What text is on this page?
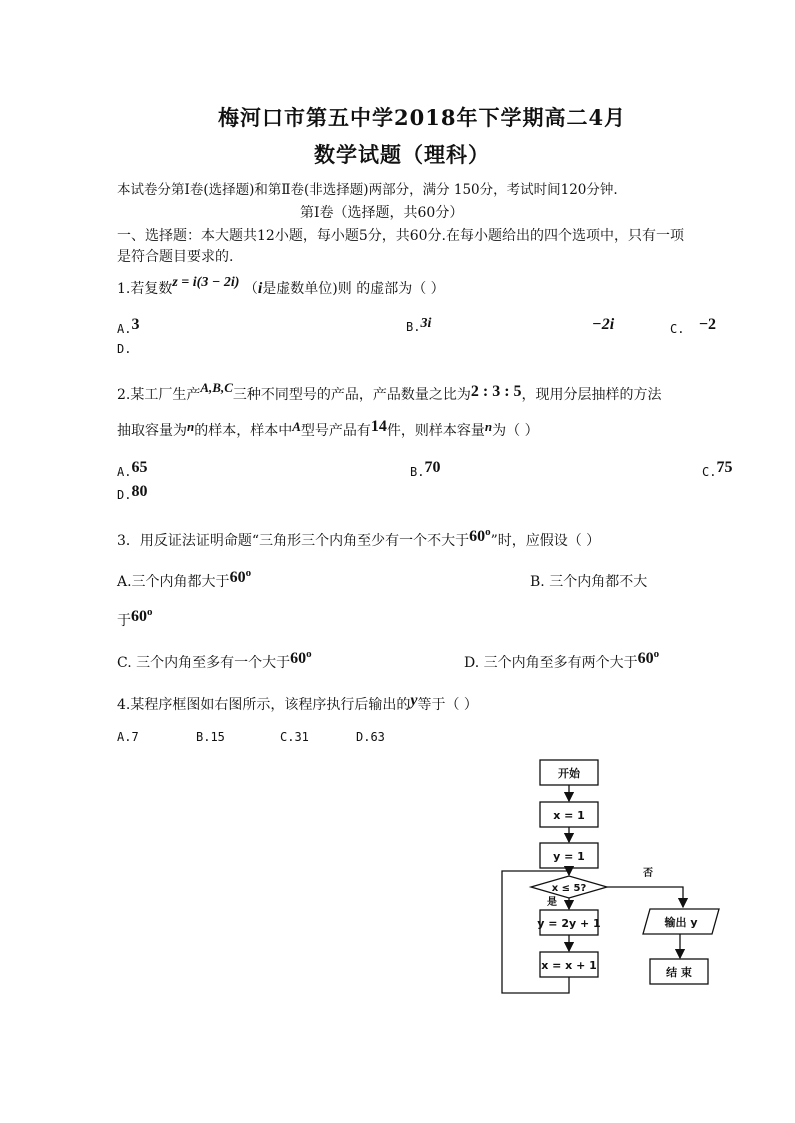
梅河口市第五中学2018年下学期高二4月
数学试题（理科）
本试卷分第Ⅰ卷(选择题)和第Ⅱ卷(非选择题)两部分，满分 150分，考试时间120分钟.
第Ⅰ卷（选择题，共60分）
一、选择题：本大题共12小题，每小题5分，共60分.在每小题给出的四个选项中，只有一项
是符合题目要求的.
1.若复数z = i(3 − 2i) （i是虚数单位)则 的虚部为（ ）
A.3	B.3i	−2i	C. −2
D.
2.某工厂生产A,B,C三种不同型号的产品，产品数量之比为2 : 3 : 5，现用分层抽样的方法
抽取容量为n的样本，样本中A型号产品有14件，则样本容量n为（ ）
A.65	B.70	C.75
D.80
3．用反证法证明命题“三角形三个内角至少有一个不大于60$^o$”时，应假设（ ）
A.三个内角都大于60$^o$
B. 三个内角都不大
于60$^o$
C. 三个内角至多有一个大于60$^o$
D. 三个内角至多有两个大于60$^o$
4.某程序框图如右图所示，该程序执行后输出的y等于（ ）
A.7	B.15	C.31	D.63
开始
x = 1
y = 1
x ≤ 5?
y = 2y + 1
x = x + 1
输出 y
结 束
是
否
